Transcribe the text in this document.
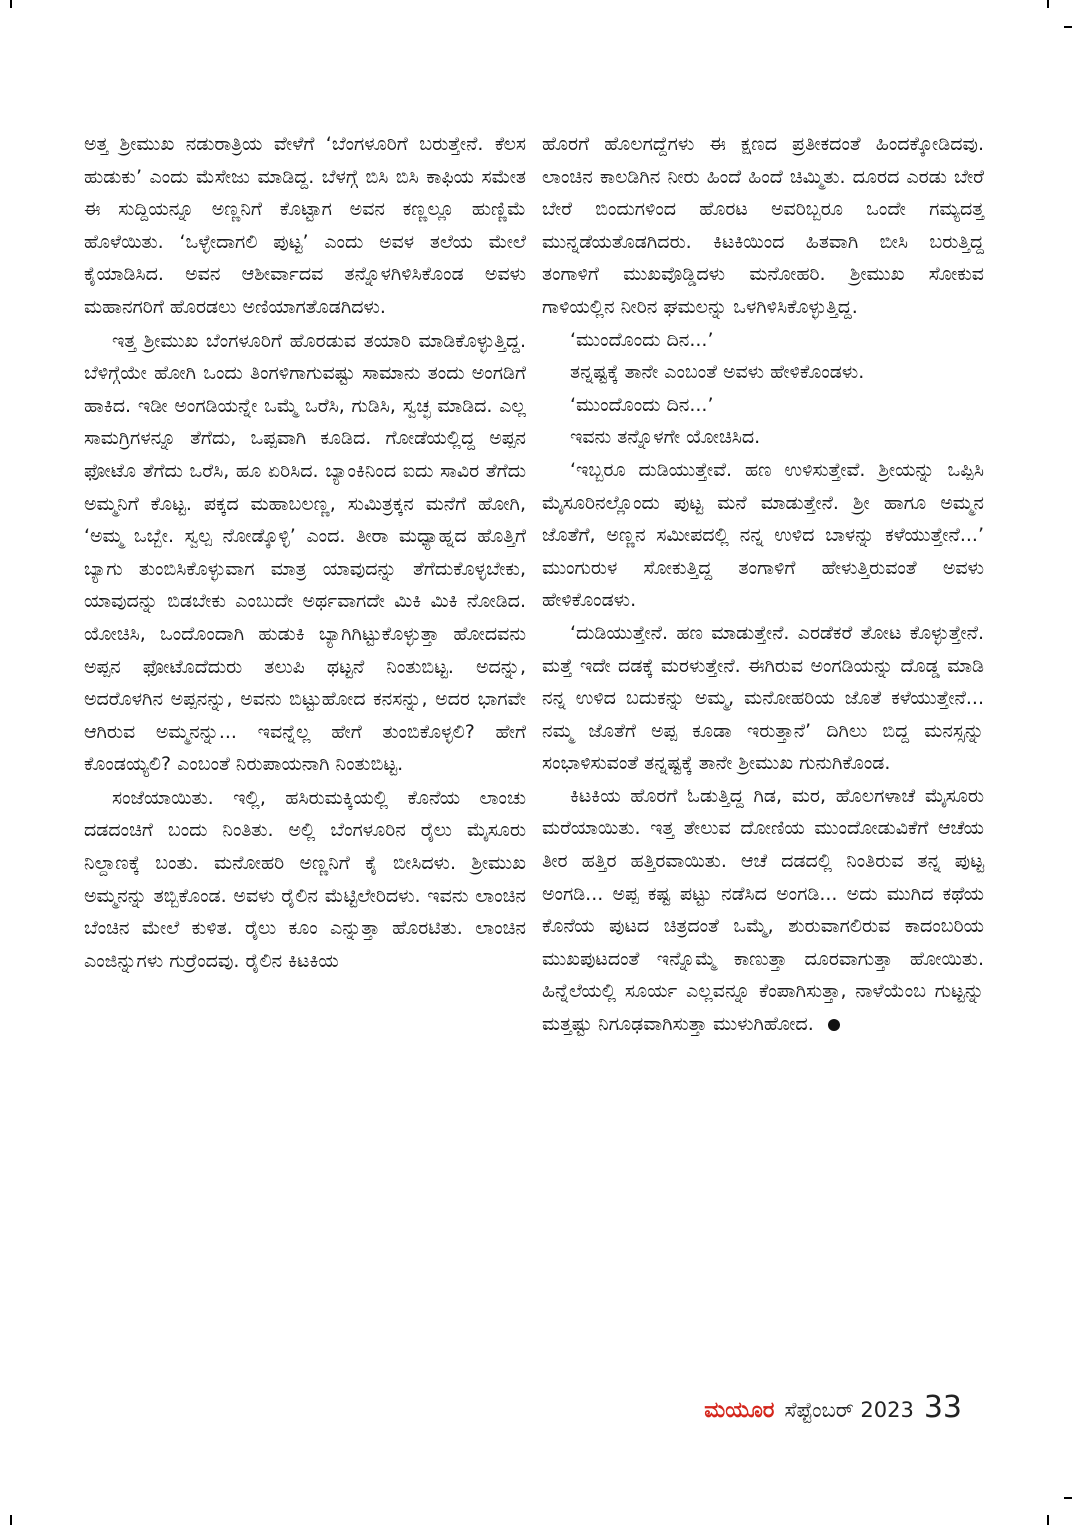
ಅತ್ತ ಶ್ರೀಮುಖ ನಡುರಾತ್ರಿಯ ವೇಳೆಗೆ ‘ಬೆಂಗಳೂರಿಗೆ ಬರುತ್ತೇನೆ. ಕೆಲಸ ಹುಡುಕು’ ಎಂದು ಮೆಸೇಜು ಮಾಡಿದ್ದ. ಬೆಳಗ್ಗೆ ಬಿಸಿ ಬಿಸಿ ಕಾಫಿಯ ಸಮೇತ ಈ ಸುದ್ದಿಯನ್ನೂ ಅಣ್ಣನಿಗೆ ಕೊಟ್ಟಾಗ ಅವನ ಕಣ್ಣಲ್ಲೂ ಹುಣ್ಣಿಮೆ ಹೊಳೆಯಿತು. ‘ಒಳ್ಳೇದಾಗಲಿ ಪುಟ್ಟ’ ಎಂದು ಅವಳ ತಲೆಯ ಮೇಲೆ ಕೈಯಾಡಿಸಿದ. ಅವನ ಆಶೀರ್ವಾದವ ತನ್ನೊಳಗಿಳಿಸಿಕೊಂಡ ಅವಳು ಮಹಾನಗರಿಗೆ ಹೊರಡಲು ಅಣಿಯಾಗತೊಡಗಿದಳು.

ಇತ್ತ ಶ್ರೀಮುಖ ಬೆಂಗಳೂರಿಗೆ ಹೊರಡುವ ತಯಾರಿ ಮಾಡಿಕೊಳ್ಳುತ್ತಿದ್ದ. ಬೆಳಿಗ್ಗೆಯೇ ಹೋಗಿ ಒಂದು ತಿಂಗಳಿಗಾಗುವಷ್ಟು ಸಾಮಾನು ತಂದು ಅಂಗಡಿಗೆ ಹಾಕಿದ. ಇಡೀ ಅಂಗಡಿಯನ್ನೇ ಒಮ್ಮೆ ಒರೆಸಿ, ಗುಡಿಸಿ, ಸ್ವಚ್ಛ ಮಾಡಿದ. ಎಲ್ಲ ಸಾಮಗ್ರಿಗಳನ್ನೂ ತೆಗೆದು, ಒಪ್ಪವಾಗಿ ಕೂಡಿದ. ಗೋಡೆಯಲ್ಲಿದ್ದ ಅಪ್ಪನ ಫೋಟೊ ತೆಗೆದು ಒರೆಸಿ, ಹೂ ಏರಿಸಿದ. ಬ್ಯಾಂಕಿನಿಂದ ಐದು ಸಾವಿರ ತೆಗೆದು ಅಮ್ಮನಿಗೆ ಕೊಟ್ಟ. ಪಕ್ಕದ ಮಹಾಬಲಣ್ಣ, ಸುಮಿತ್ರಕ್ಕನ ಮನೆಗೆ ಹೋಗಿ, ‘ಅಮ್ಮ ಒಬ್ಬೇ. ಸ್ವಲ್ಪ ನೋಡ್ಕೊಳ್ಳಿ’ ಎಂದ. ತೀರಾ ಮಧ್ಯಾಹ್ನದ ಹೊತ್ತಿಗೆ ಬ್ಯಾಗು ತುಂಬಿಸಿಕೊಳ್ಳುವಾಗ ಮಾತ್ರ ಯಾವುದನ್ನು ತೆಗೆದುಕೊಳ್ಳಬೇಕು, ಯಾವುದನ್ನು ಬಿಡಬೇಕು ಎಂಬುದೇ ಅರ್ಥವಾಗದೇ ಮಿಕಿ ಮಿಕಿ ನೋಡಿದ. ಯೋಚಿಸಿ, ಒಂದೊಂದಾಗಿ ಹುಡುಕಿ ಬ್ಯಾಗಿಗಿಟ್ಟುಕೊಳ್ಳುತ್ತಾ ಹೋದವನು ಅಪ್ಪನ ಫೋಟೊದೆದುರು ತಲುಪಿ ಥಟ್ಟನೆ ನಿಂತುಬಿಟ್ಟ. ಅದನ್ನು, ಅದರೊಳಗಿನ ಅಪ್ಪನನ್ನು, ಅವನು ಬಿಟ್ಟುಹೋದ ಕನಸನ್ನು, ಅದರ ಭಾಗವೇ ಆಗಿರುವ ಅಮ್ಮನನ್ನು... ಇವನ್ನೆಲ್ಲ ಹೇಗೆ ತುಂಬಿಕೊಳ್ಳಲಿ? ಹೇಗೆ ಕೊಂಡಯ್ಯಲಿ? ಎಂಬಂತೆ ನಿರುಪಾಯನಾಗಿ ನಿಂತುಬಿಟ್ಟ.

ಸಂಜೆಯಾಯಿತು. ಇಲ್ಲಿ, ಹಸಿರುಮಕ್ಕಿಯಲ್ಲಿ ಕೊನೆಯ ಲಾಂಚು ದಡದಂಚಿಗೆ ಬಂದು ನಿಂತಿತು. ಅಲ್ಲಿ ಬೆಂಗಳೂರಿನ ರೈಲು ಮೈಸೂರು ನಿಲ್ದಾಣಕ್ಕೆ ಬಂತು. ಮನೋಹರಿ ಅಣ್ಣನಿಗೆ ಕೈ ಬೀಸಿದಳು. ಶ್ರೀಮುಖ ಅಮ್ಮನನ್ನು ತಬ್ಬಿಕೊಂಡ. ಅವಳು ರೈಲಿನ ಮೆಟ್ಟಿಲೇರಿದಳು. ಇವನು ಲಾಂಚಿನ ಬೆಂಚಿನ ಮೇಲೆ ಕುಳಿತ. ರೈಲು ಕೂಂ ಎನ್ನುತ್ತಾ ಹೊರಟಿತು. ಲಾಂಚಿನ ಎಂಜಿನ್ನುಗಳು ಗುರ್ರೆಂದವು. ರೈಲಿನ ಕಿಟಕಿಯ

ಹೊರಗೆ ಹೊಲಗದ್ದೆಗಳು ಈ ಕ್ಷಣದ ಪ್ರತೀಕದಂತೆ ಹಿಂದಕ್ಕೋಡಿದವು. ಲಾಂಚಿನ ಕಾಲಡಿಗಿನ ನೀರು ಹಿಂದೆ ಹಿಂದೆ ಚಿಮ್ಮಿತು. ದೂರದ ಎರಡು ಬೇರೆ ಬೇರೆ ಬಿಂದುಗಳಿಂದ ಹೊರಟ ಅವರಿಬ್ಬರೂ ಒಂದೇ ಗಮ್ಯದತ್ತ ಮುನ್ನಡೆಯತೊಡಗಿದರು. ಕಿಟಕಿಯಿಂದ ಹಿತವಾಗಿ ಬೀಸಿ ಬರುತ್ತಿದ್ದ ತಂಗಾಳಿಗೆ ಮುಖವೊಡ್ಡಿದಳು ಮನೋಹರಿ. ಶ್ರೀಮುಖ ಸೋಕುವ ಗಾಳಿಯಲ್ಲಿನ ನೀರಿನ ಘಮಲನ್ನು ಒಳಗಿಳಿಸಿಕೊಳ್ಳುತ್ತಿದ್ದ.

‘ಮುಂದೊಂದು ದಿನ...’

ತನ್ನಷ್ಟಕ್ಕೆ ತಾನೇ ಎಂಬಂತೆ ಅವಳು ಹೇಳಿಕೊಂಡಳು.

‘ಮುಂದೊಂದು ದಿನ...’

ಇವನು ತನ್ನೊಳಗೇ ಯೋಚಿಸಿದ.

‘ಇಬ್ಬರೂ ದುಡಿಯುತ್ತೇವೆ. ಹಣ ಉಳಿಸುತ್ತೇವೆ. ಶ್ರೀಯನ್ನು ಒಪ್ಪಿಸಿ ಮೈಸೂರಿನಲ್ಲೊಂದು ಪುಟ್ಟ ಮನೆ ಮಾಡುತ್ತೇನೆ. ಶ್ರೀ ಹಾಗೂ ಅಮ್ಮನ ಜೊತೆಗೆ, ಅಣ್ಣನ ಸಮೀಪದಲ್ಲಿ ನನ್ನ ಉಳಿದ ಬಾಳನ್ನು ಕಳೆಯುತ್ತೇನೆ...’ ಮುಂಗುರುಳ ಸೋಕುತ್ತಿದ್ದ ತಂಗಾಳಿಗೆ ಹೇಳುತ್ತಿರುವಂತೆ ಅವಳು ಹೇಳಿಕೊಂಡಳು.

‘ದುಡಿಯುತ್ತೇನೆ. ಹಣ ಮಾಡುತ್ತೇನೆ. ಎರಡೆಕರೆ ತೋಟ ಕೊಳ್ಳುತ್ತೇನೆ. ಮತ್ತೆ ಇದೇ ದಡಕ್ಕೆ ಮರಳುತ್ತೇನೆ. ಈಗಿರುವ ಅಂಗಡಿಯನ್ನು ದೊಡ್ಡ ಮಾಡಿ ನನ್ನ ಉಳಿದ ಬದುಕನ್ನು ಅಮ್ಮ, ಮನೋಹರಿಯ ಜೊತೆ ಕಳೆಯುತ್ತೇನೆ... ನಮ್ಮ ಜೊತೆಗೆ ಅಪ್ಪ ಕೂಡಾ ಇರುತ್ತಾನೆ’ ದಿಗಿಲು ಬಿದ್ದ ಮನಸ್ಸನ್ನು ಸಂಭಾಳಿಸುವಂತೆ ತನ್ನಷ್ಟಕ್ಕೆ ತಾನೇ ಶ್ರೀಮುಖ ಗುನುಗಿಕೊಂಡ.

ಕಿಟಕಿಯ ಹೊರಗೆ ಓಡುತ್ತಿದ್ದ ಗಿಡ, ಮರ, ಹೊಲಗಳಾಚೆ ಮೈಸೂರು ಮರೆಯಾಯಿತು. ಇತ್ತ ತೇಲುವ ದೋಣಿಯ ಮುಂದೋಡುವಿಕೆಗೆ ಆಚೆಯ ತೀರ ಹತ್ತಿರ ಹತ್ತಿರವಾಯಿತು. ಆಚೆ ದಡದಲ್ಲಿ ನಿಂತಿರುವ ತನ್ನ ಪುಟ್ಟ ಅಂಗಡಿ... ಅಪ್ಪ ಕಷ್ಟ ಪಟ್ಟು ನಡೆಸಿದ ಅಂಗಡಿ... ಅದು ಮುಗಿದ ಕಥೆಯ ಕೊನೆಯ ಪುಟದ ಚಿತ್ರದಂತೆ ಒಮ್ಮೆ, ಶುರುವಾಗಲಿರುವ ಕಾದಂಬರಿಯ ಮುಖಪುಟದಂತೆ ಇನ್ನೊಮ್ಮೆ ಕಾಣುತ್ತಾ ದೂರವಾಗುತ್ತಾ ಹೋಯಿತು. ಹಿನ್ನೆಲೆಯಲ್ಲಿ ಸೂರ್ಯ ಎಲ್ಲವನ್ನೂ ಕೆಂಪಾಗಿಸುತ್ತಾ, ನಾಳೆಯೆಂಬ ಗುಟ್ಟನ್ನು ಮತ್ತಷ್ಟು ನಿಗೂಢವಾಗಿಸುತ್ತಾ ಮುಳುಗಿಹೋದ.

ಮಯೂರ ಸೆಪ್ಟೆಂಬರ್ 2023 33
